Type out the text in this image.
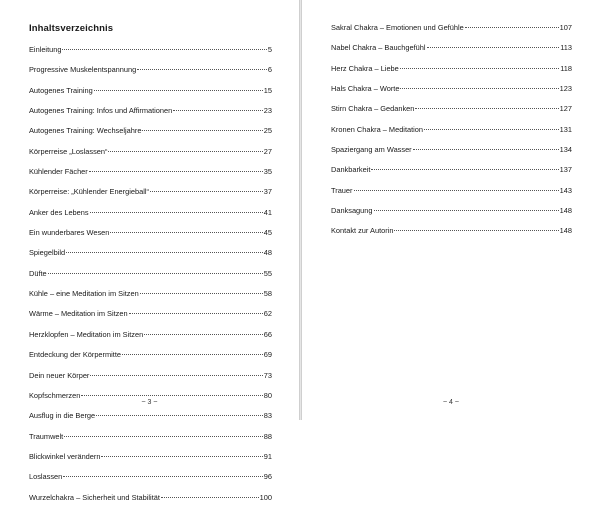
Inhaltsverzeichnis
Einleitung	5
Progressive Muskelentspannung	6
Autogenes Training	15
Autogenes Training: Infos und Affirmationen	23
Autogenes Training: Wechseljahre	25
Körperreise „Loslassen“	27
Kühlender Fächer	35
Körperreise: „Kühlender Energieball“	37
Anker des Lebens	41
Ein wunderbares Wesen	45
Spiegelbild	48
Düfte	55
Kühle – eine Meditation im Sitzen	58
Wärme – Meditation im Sitzen	62
Herzklopfen – Meditation im Sitzen	66
Entdeckung der Körpermitte	69
Dein neuer Körper	73
Kopfschmerzen	80
Ausflug in die Berge	83
Traumwelt	88
Blickwinkel verändern	91
Loslassen	96
Wurzelchakra – Sicherheit und Stabilität	100
~ 3 ~
Sakral Chakra – Emotionen und Gefühle	107
Nabel Chakra – Bauchgefühl	113
Herz Chakra – Liebe	118
Hals Chakra – Worte	123
Stirn Chakra – Gedanken	127
Kronen Chakra – Meditation	131
Spaziergang am Wasser	134
Dankbarkeit	137
Trauer	143
Danksagung	148
Kontakt zur Autorin	148
~ 4 ~
